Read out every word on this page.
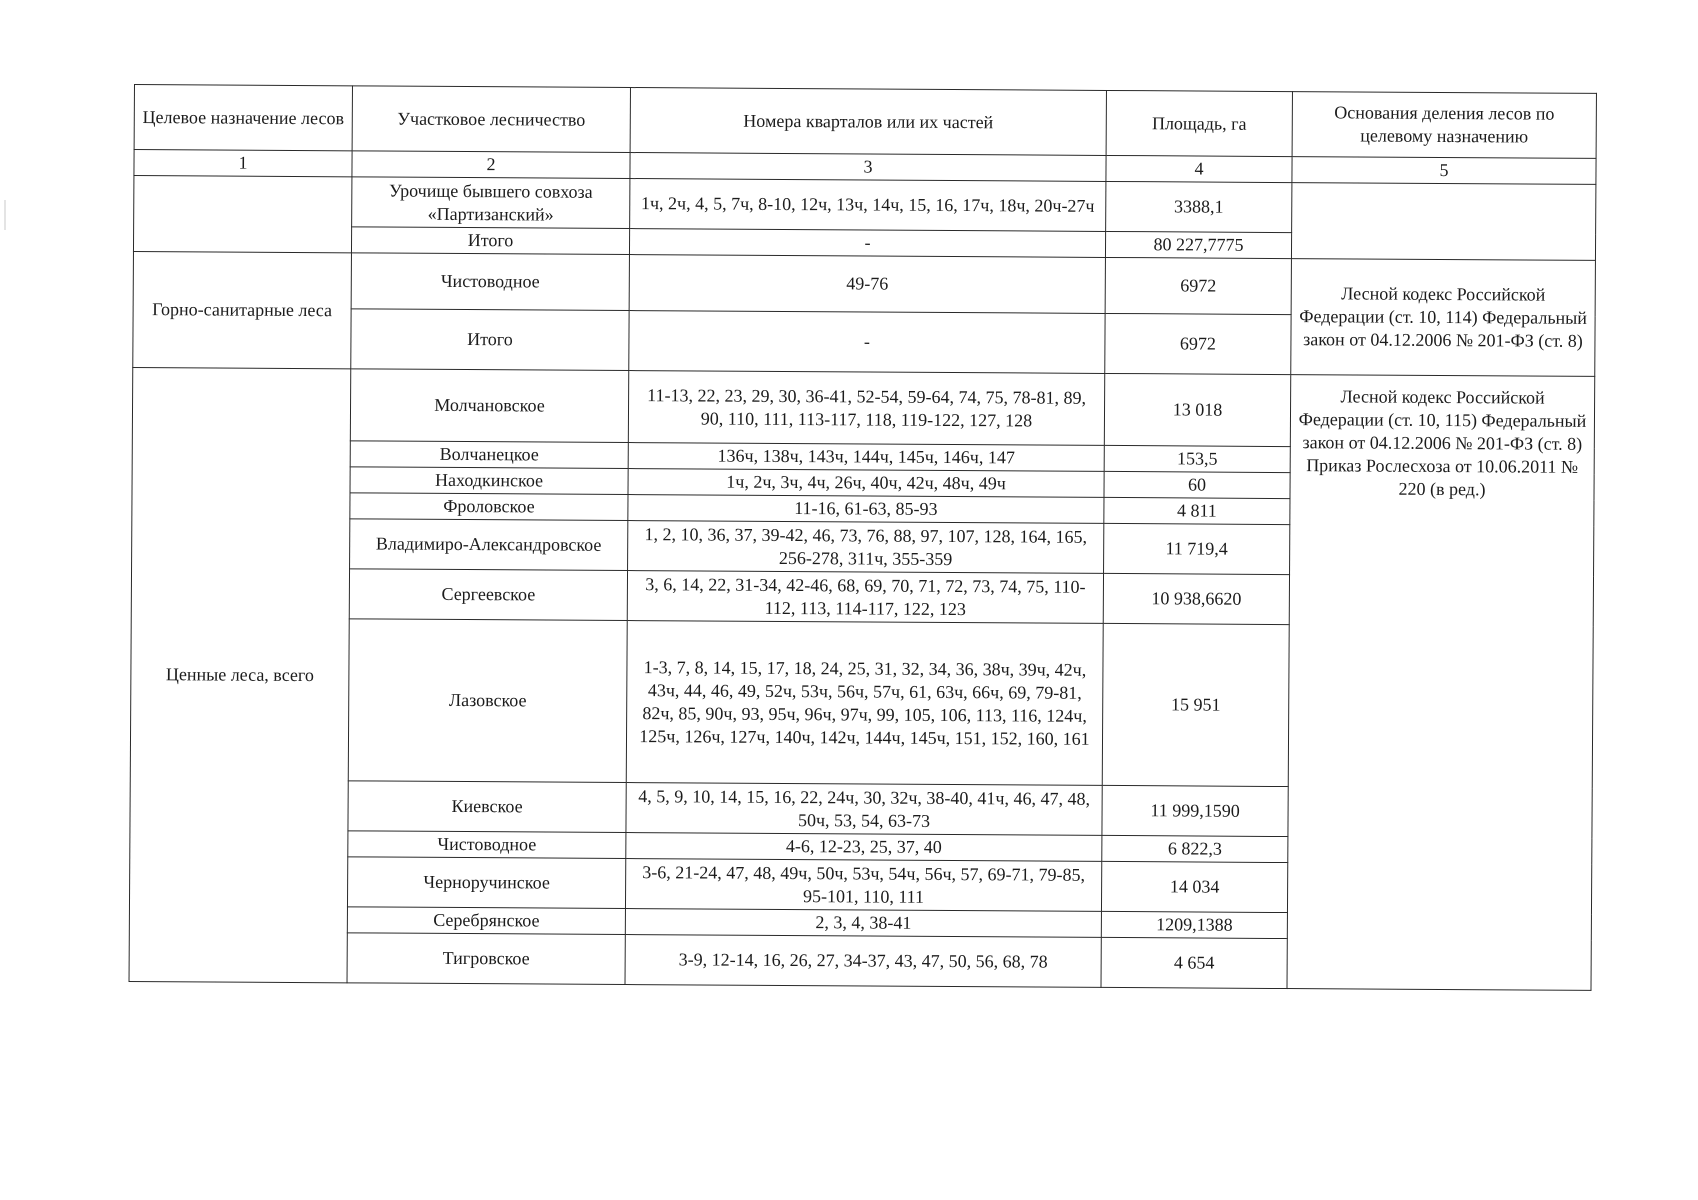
Целевое назначение лесов	Участковое лесничество	Номера кварталов или их частей	Площадь, га	Основания деления лесов по целевому назначению
1	2	3	4	5
	Урочище бывшего совхоза «Партизанский»	1ч, 2ч, 4, 5, 7ч, 8-10, 12ч, 13ч, 14ч, 15, 16, 17ч, 18ч, 20ч-27ч	3388,1	
	Итого	-	80 227,7775	
Горно-санитарные леса	Чистоводное	49-76	6972	Лесной кодекс Российской Федерации (ст. 10, 114) Федеральный закон от 04.12.2006 № 201-ФЗ (ст. 8)
	Итого	-	6972	
Ценные леса, всего	Молчановское	11-13, 22, 23, 29, 30, 36-41, 52-54, 59-64, 74, 75, 78-81, 89, 90, 110, 111, 113-117, 118, 119-122, 127, 128	13 018	Лесной кодекс Российской Федерации (ст. 10, 115) Федеральный закон от 04.12.2006 № 201-ФЗ (ст. 8) Приказ Рослесхоза от 10.06.2011 № 220 (в ред.)
	Волчанецкое	136ч, 138ч, 143ч, 144ч, 145ч, 146ч, 147	153,5	
	Находкинское	1ч, 2ч, 3ч, 4ч, 26ч, 40ч, 42ч, 48ч, 49ч	60	
	Фроловское	11-16, 61-63, 85-93	4 811	
	Владимиро-Александровское	1, 2, 10, 36, 37, 39-42, 46, 73, 76, 88, 97, 107, 128, 164, 165, 256-278, 311ч, 355-359	11 719,4	
	Сергеевское	3, 6, 14, 22, 31-34, 42-46, 68, 69, 70, 71, 72, 73, 74, 75, 110-112, 113, 114-117, 122, 123	10 938,6620	
	Лазовское	1-3, 7, 8, 14, 15, 17, 18, 24, 25, 31, 32, 34, 36, 38ч, 39ч, 42ч, 43ч, 44, 46, 49, 52ч, 53ч, 56ч, 57ч, 61, 63ч, 66ч, 69, 79-81, 82ч, 85, 90ч, 93, 95ч, 96ч, 97ч, 99, 105, 106, 113, 116, 124ч, 125ч, 126ч, 127ч, 140ч, 142ч, 144ч, 145ч, 151, 152, 160, 161	15 951	
	Киевское	4, 5, 9, 10, 14, 15, 16, 22, 24ч, 30, 32ч, 38-40, 41ч, 46, 47, 48, 50ч, 53, 54, 63-73	11 999,1590	
	Чистоводное	4-6, 12-23, 25, 37, 40	6 822,3	
	Черноручинское	3-6, 21-24, 47, 48, 49ч, 50ч, 53ч, 54ч, 56ч, 57, 69-71, 79-85, 95-101, 110, 111	14 034	
	Серебрянское	2, 3, 4, 38-41	1209,1388	
	Тигровское	3-9, 12-14, 16, 26, 27, 34-37, 43, 47, 50, 56, 68, 78	4 654	
